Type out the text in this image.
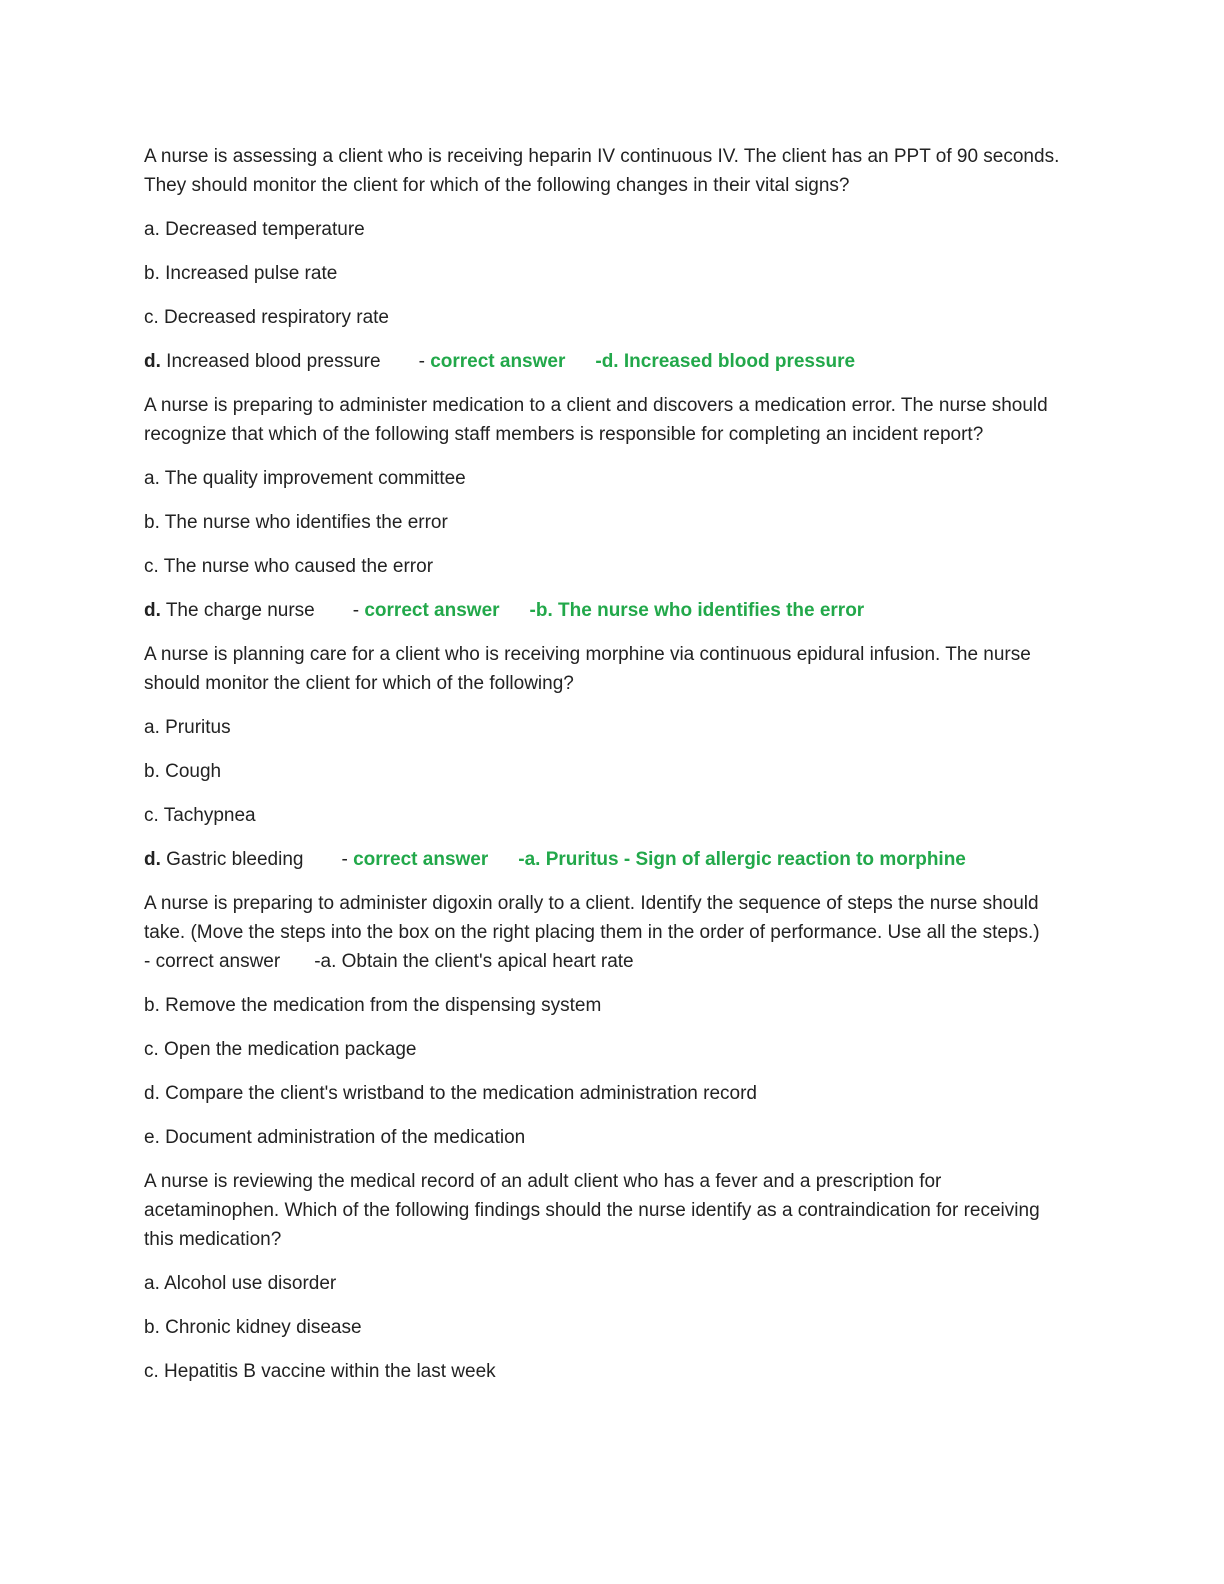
A nurse is assessing a client who is receiving heparin IV continuous IV. The client has an PPT of 90 seconds. They should monitor the client for which of the following changes in their vital signs?

a. Decreased temperature

b. Increased pulse rate

c. Decreased respiratory rate

d. Increased blood pressure - correct answer -d. Increased blood pressure

A nurse is preparing to administer medication to a client and discovers a medication error. The nurse should recognize that which of the following staff members is responsible for completing an incident report?

a. The quality improvement committee

b. The nurse who identifies the error

c. The nurse who caused the error

d. The charge nurse - correct answer -b. The nurse who identifies the error

A nurse is planning care for a client who is receiving morphine via continuous epidural infusion. The nurse should monitor the client for which of the following?

a. Pruritus

b. Cough

c. Tachypnea

d. Gastric bleeding - correct answer -a. Pruritus - Sign of allergic reaction to morphine

A nurse is preparing to administer digoxin orally to a client. Identify the sequence of steps the nurse should take. (Move the steps into the box on the right placing them in the order of performance. Use all the steps.)- correct answer -a. Obtain the client's apical heart rate

b. Remove the medication from the dispensing system

c. Open the medication package

d. Compare the client's wristband to the medication administration record

e. Document administration of the medication

A nurse is reviewing the medical record of an adult client who has a fever and a prescription for acetaminophen. Which of the following findings should the nurse identify as a contraindication for receiving this medication?

a. Alcohol use disorder

b. Chronic kidney disease

c. Hepatitis B vaccine within the last week
